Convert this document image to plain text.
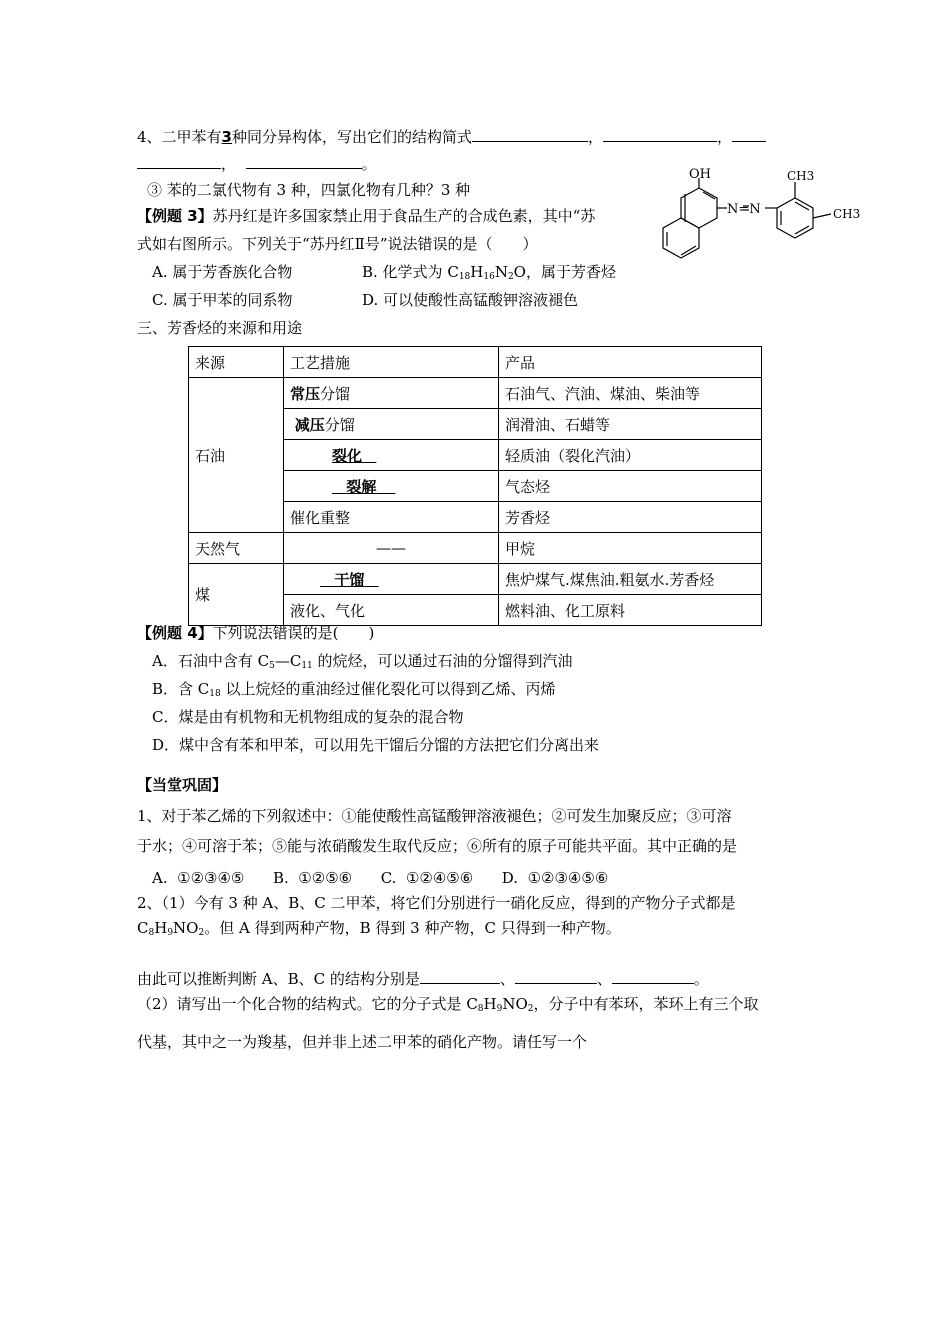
4、二甲苯有3种同分异构体，写出它们的结构简式	，	，
，	。
③ 苯的二氯代物有 3 种，四氯化物有几种？3 种
【例题 3】苏丹红是许多国家禁止用于食品生产的合成色素，其中“苏
式如右图所示。下列关于“苏丹红Ⅱ号”说法错误的是（　　）
A. 属于芳香族化合物	B. 化学式为 $C_{18}H_{16}N_2O$，属于芳香烃
C. 属于甲苯的同系物	D. 可以使酸性高锰酸钾溶液褪色
OH
N=N
CH3
CH3
三、芳香烃的来源和用途
来源	工艺措施	产品
石油	常压分馏	石油气、汽油、煤油、柴油等
	减压分馏	润滑油、石蜡等
	裂化	轻质油（裂化汽油）
	裂解	气态烃
	催化重整	芳香烃
天然气	——	甲烷
煤	干馏	焦炉煤气.煤焦油.粗氨水.芳香烃
	液化、气化	燃料油、化工原料
【例题 4】下列说法错误的是(　　)
A．石油中含有 $C_5—C_{11}$ 的烷烃，可以通过石油的分馏得到汽油
B．含 $C_{18}$ 以上烷烃的重油经过催化裂化可以得到乙烯、丙烯
C．煤是由有机物和无机物组成的复杂的混合物
D．煤中含有苯和甲苯，可以用先干馏后分馏的方法把它们分离出来
【当堂巩固】
1、对于苯乙烯的下列叙述中：①能使酸性高锰酸钾溶液褪色；②可发生加聚反应；③可溶
于水；④可溶于苯；⑤能与浓硝酸发生取代反应；⑥所有的原子可能共平面。其中正确的是
A.  ①②③④⑤      B.  ①②⑤⑥      C.  ①②④⑤⑥      D.  ①②③④⑤⑥
2、（1）今有 3 种 A、B、C 二甲苯，将它们分别进行一硝化反应，得到的产物分子式都是
$C_8H_9NO_2$。但 A 得到两种产物，B 得到 3 种产物，C 只得到一种产物。
由此可以推断判断 A、B、C 的结构分别是	、	、	。
（2）请写出一个化合物的结构式。它的分子式是 $C_8H_9NO_2$，分子中有苯环，苯环上有三个取
代基，其中之一为羧基，但并非上述二甲苯的硝化产物。请任写一个
